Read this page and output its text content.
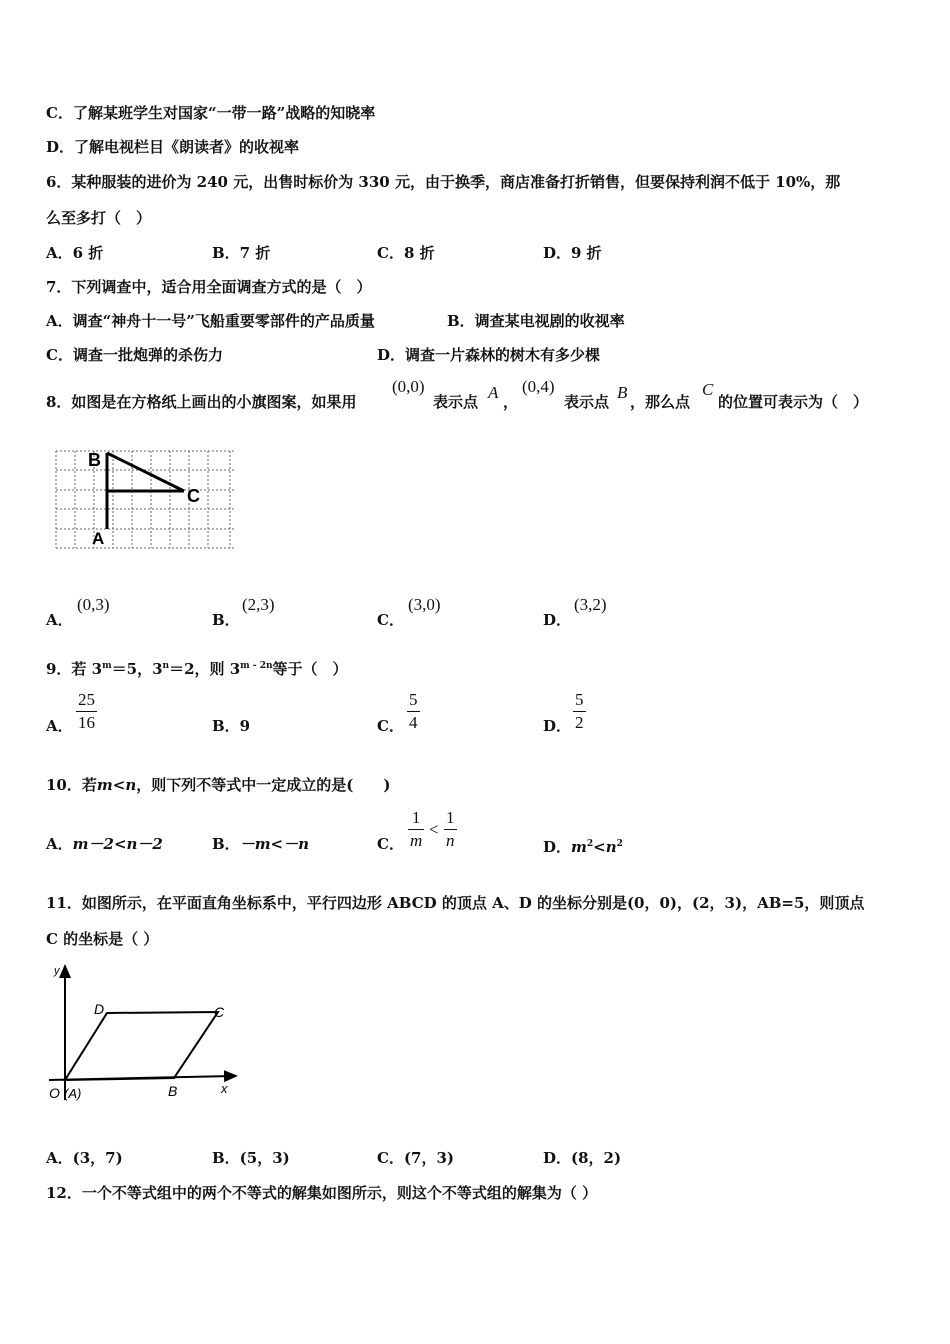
C．了解某班学生对国家“一带一路”战略的知晓率
D．了解电视栏目《朗读者》的收视率
6．某种服装的进价为 240 元，出售时标价为 330 元，由于换季，商店准备打折销售，但要保持利润不低于 10%，那
么至多打（　）
A．6 折	B．7 折	C．8 折	D．9 折
7．下列调查中，适合用全面调查方式的是（　）
A．调查“神舟十一号”飞船重要零部件的产品质量	B．调查某电视剧的收视率
C．调查一批炮弹的杀伤力	D．调查一片森林的树木有多少棵
8．如图是在方格纸上画出的小旗图案，如果用
(0,0)
表示点 A ，
(0,4)
表示点 B ，那么点
C
的位置可表示为（　）
B
C
A
A．
(0,3)
B．
(2,3)
C．
(3,0)
D．
(3,2)
9．若 $3^m=5$，$3^n=2$，则 $3^{m - 2n}$等于（　）
A．
25
16	B．9	C．
5
4	D．
5
2
10．若m<n，则下列不等式中一定成立的是(　　)
A．m－2<n－2	B．－m<－n	C．
1
m
<
1
n	D．$m^2<n^2$
11．如图所示，在平面直角坐标系中，平行四边形 ABCD 的顶点 A、D 的坐标分别是(0，0)，(2，3)，AB=5，则顶点
C 的坐标是（ ）
y
x
D	C
B
O (A)
A．(3，7)	B．(5，3)	C．(7，3)	D．(8，2)
12．一个不等式组中的两个不等式的解集如图所示，则这个不等式组的解集为（ ）
